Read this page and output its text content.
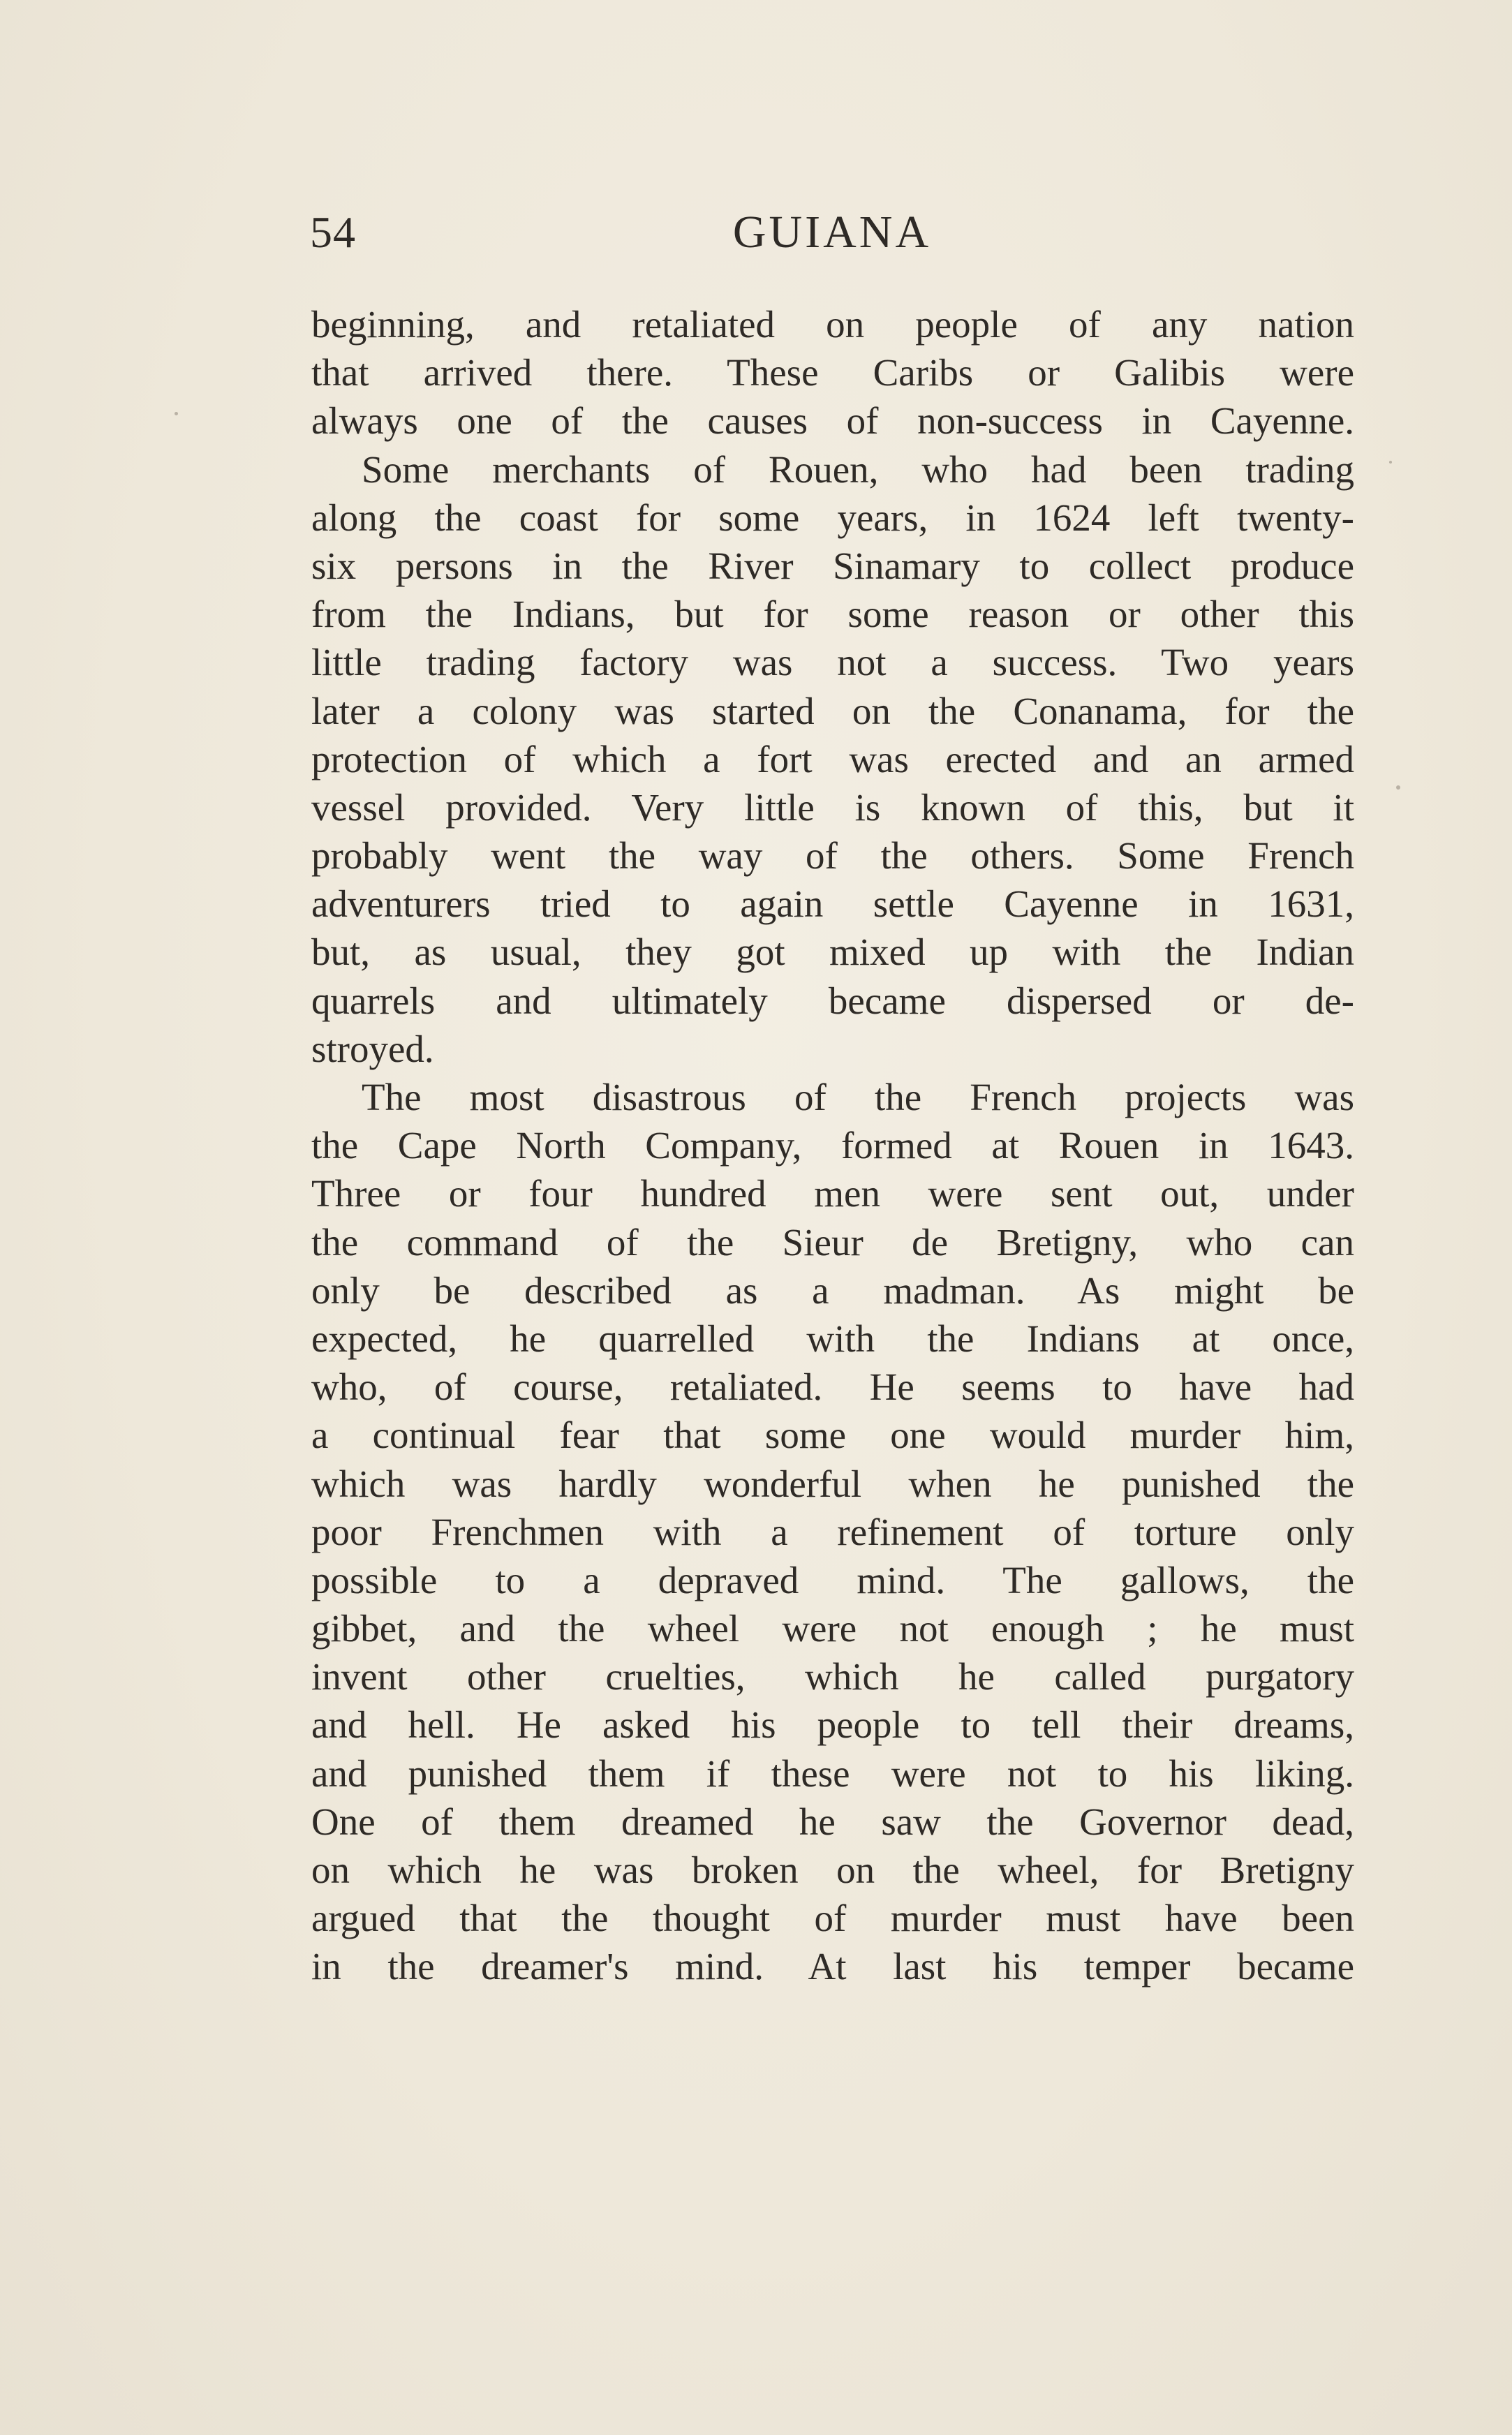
54	GUIANA
beginning, and retaliated on people of any nation
that arrived there. These Caribs or Galibis were
always one of the causes of non-success in Cayenne.
Some merchants of Rouen, who had been trading
along the coast for some years, in 1624 left twenty-
six persons in the River Sinamary to collect produce
from the Indians, but for some reason or other this
little trading factory was not a success. Two years
later a colony was started on the Conanama, for the
protection of which a fort was erected and an armed
vessel provided. Very little is known of this, but it
probably went the way of the others. Some French
adventurers tried to again settle Cayenne in 1631,
but, as usual, they got mixed up with the Indian
quarrels and ultimately became dispersed or de-
stroyed.
The most disastrous of the French projects was
the Cape North Company, formed at Rouen in 1643.
Three or four hundred men were sent out, under
the command of the Sieur de Bretigny, who can
only be described as a madman. As might be
expected, he quarrelled with the Indians at once,
who, of course, retaliated. He seems to have had
a continual fear that some one would murder him,
which was hardly wonderful when he punished the
poor Frenchmen with a refinement of torture only
possible to a depraved mind. The gallows, the
gibbet, and the wheel were not enough ; he must
invent other cruelties, which he called purgatory
and hell. He asked his people to tell their dreams,
and punished them if these were not to his liking.
One of them dreamed he saw the Governor dead,
on which he was broken on the wheel, for Bretigny
argued that the thought of murder must have been
in the dreamer's mind. At last his temper became
